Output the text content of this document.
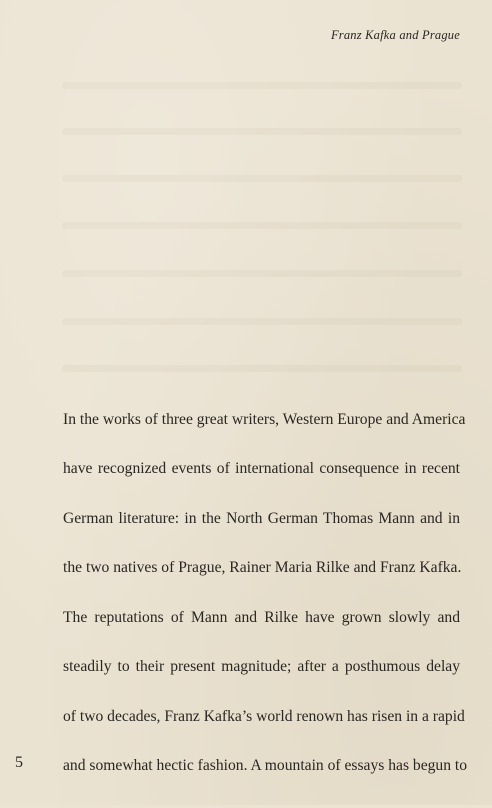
Franz Kafka and Prague
In the works of three great writers, Western Europe and America
have recognized events of international consequence in recent
German literature: in the North German Thomas Mann and in
the two natives of Prague, Rainer Maria Rilke and Franz Kafka.
The reputations of Mann and Rilke have grown slowly and
steadily to their present magnitude; after a posthumous delay
of two decades, Franz Kafka’s world renown has risen in a rapid
and somewhat hectic fashion. A mountain of essays has begun to
5
